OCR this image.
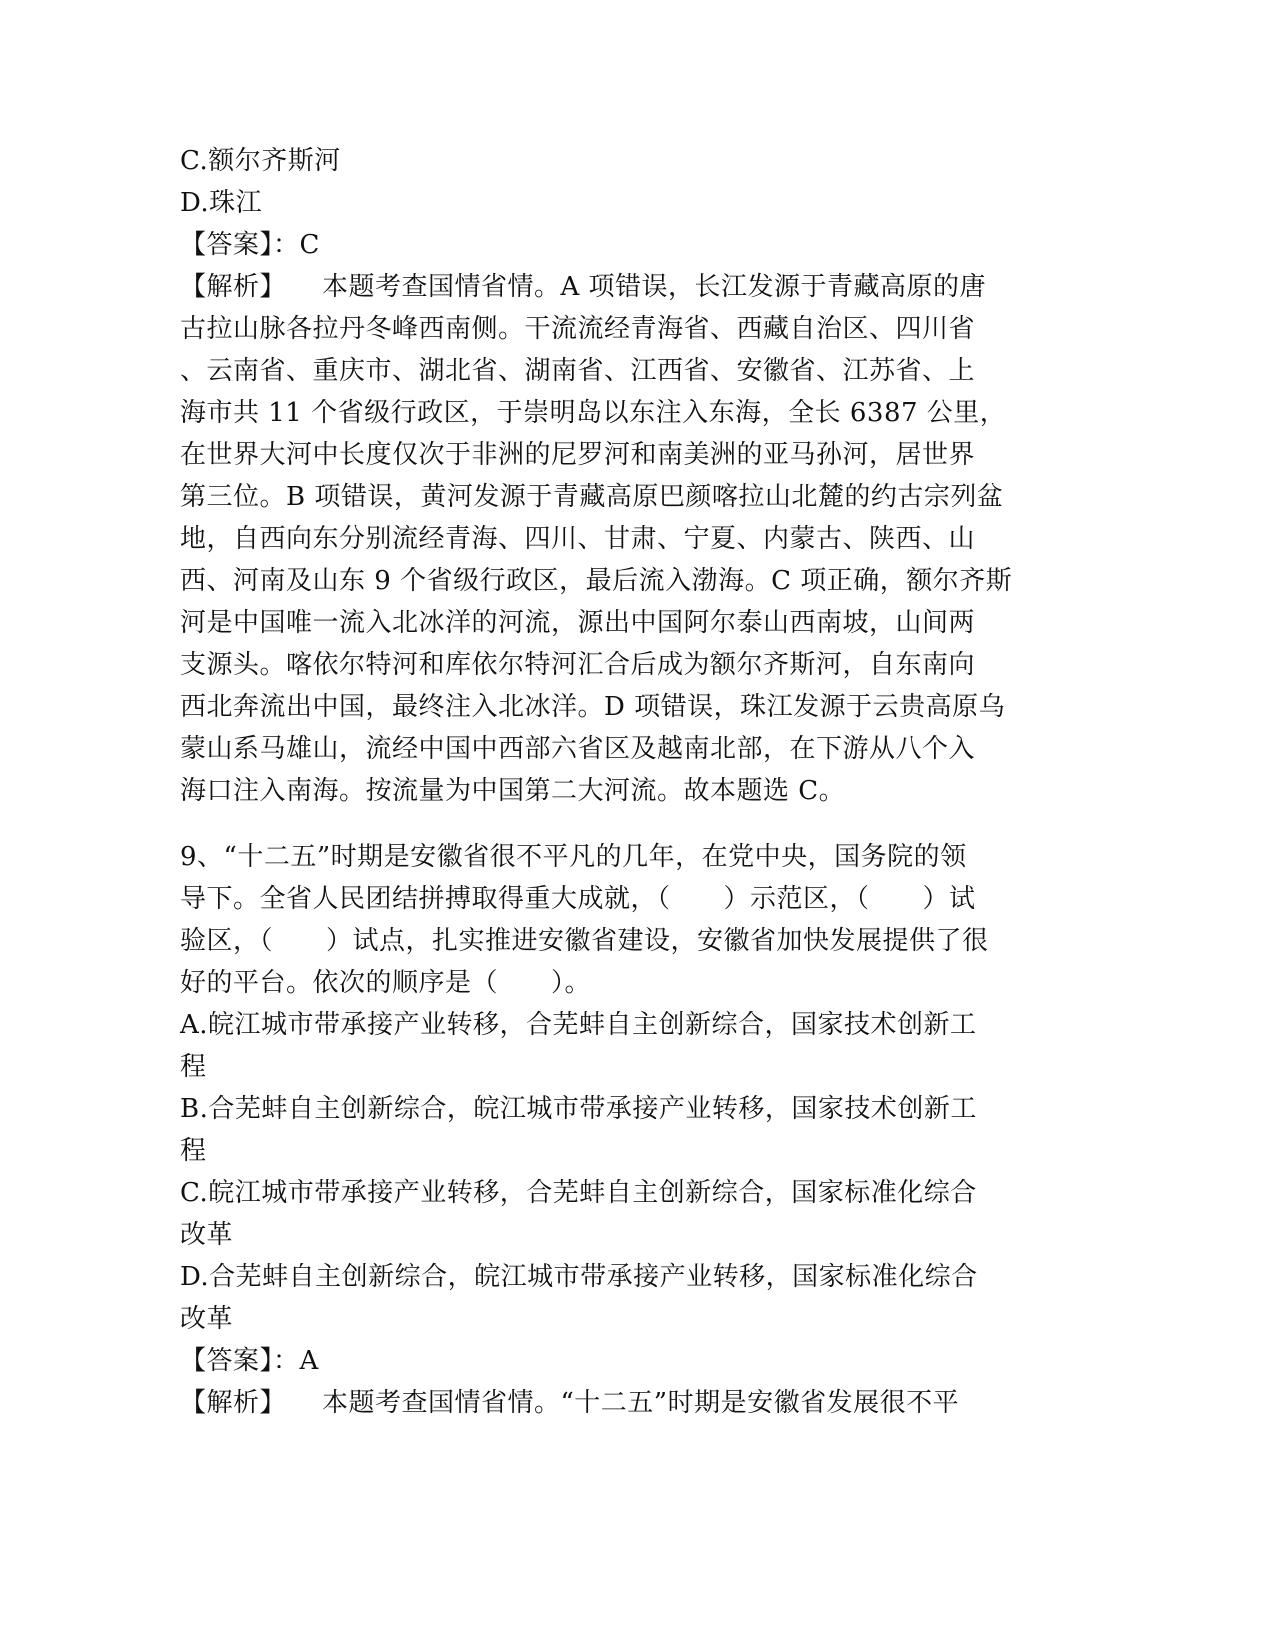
C.额尔齐斯河
D.珠江
【答案】：C
【解析】 本题考查国情省情。A 项错误，长江发源于青藏高原的唐
古拉山脉各拉丹冬峰西南侧。干流流经青海省、西藏自治区、四川省
、云南省、重庆市、湖北省、湖南省、江西省、安徽省、江苏省、上
海市共 11 个省级行政区，于崇明岛以东注入东海，全长 6387 公里，
在世界大河中长度仅次于非洲的尼罗河和南美洲的亚马孙河，居世界
第三位。B 项错误，黄河发源于青藏高原巴颜喀拉山北麓的约古宗列盆
地，自西向东分别流经青海、四川、甘肃、宁夏、内蒙古、陕西、山
西、河南及山东 9 个省级行政区，最后流入渤海。C 项正确，额尔齐斯
河是中国唯一流入北冰洋的河流，源出中国阿尔泰山西南坡，山间两
支源头。喀依尔特河和库依尔特河汇合后成为额尔齐斯河，自东南向
西北奔流出中国，最终注入北冰洋。D 项错误，珠江发源于云贵高原乌
蒙山系马雄山，流经中国中西部六省区及越南北部，在下游从八个入
海口注入南海。按流量为中国第二大河流。故本题选 C。
9、“十二五”时期是安徽省很不平凡的几年，在党中央，国务院的领
导下。全省人民团结拼搏取得重大成就，（　　）示范区，（　　）试
验区，（　　）试点，扎实推进安徽省建设，安徽省加快发展提供了很
好的平台。依次的顺序是（　　）。
A.皖江城市带承接产业转移，合芜蚌自主创新综合，国家技术创新工
程
B.合芜蚌自主创新综合，皖江城市带承接产业转移，国家技术创新工
程
C.皖江城市带承接产业转移，合芜蚌自主创新综合，国家标准化综合
改革
D.合芜蚌自主创新综合，皖江城市带承接产业转移，国家标准化综合
改革
【答案】：A
【解析】 本题考查国情省情。“十二五”时期是安徽省发展很不平
